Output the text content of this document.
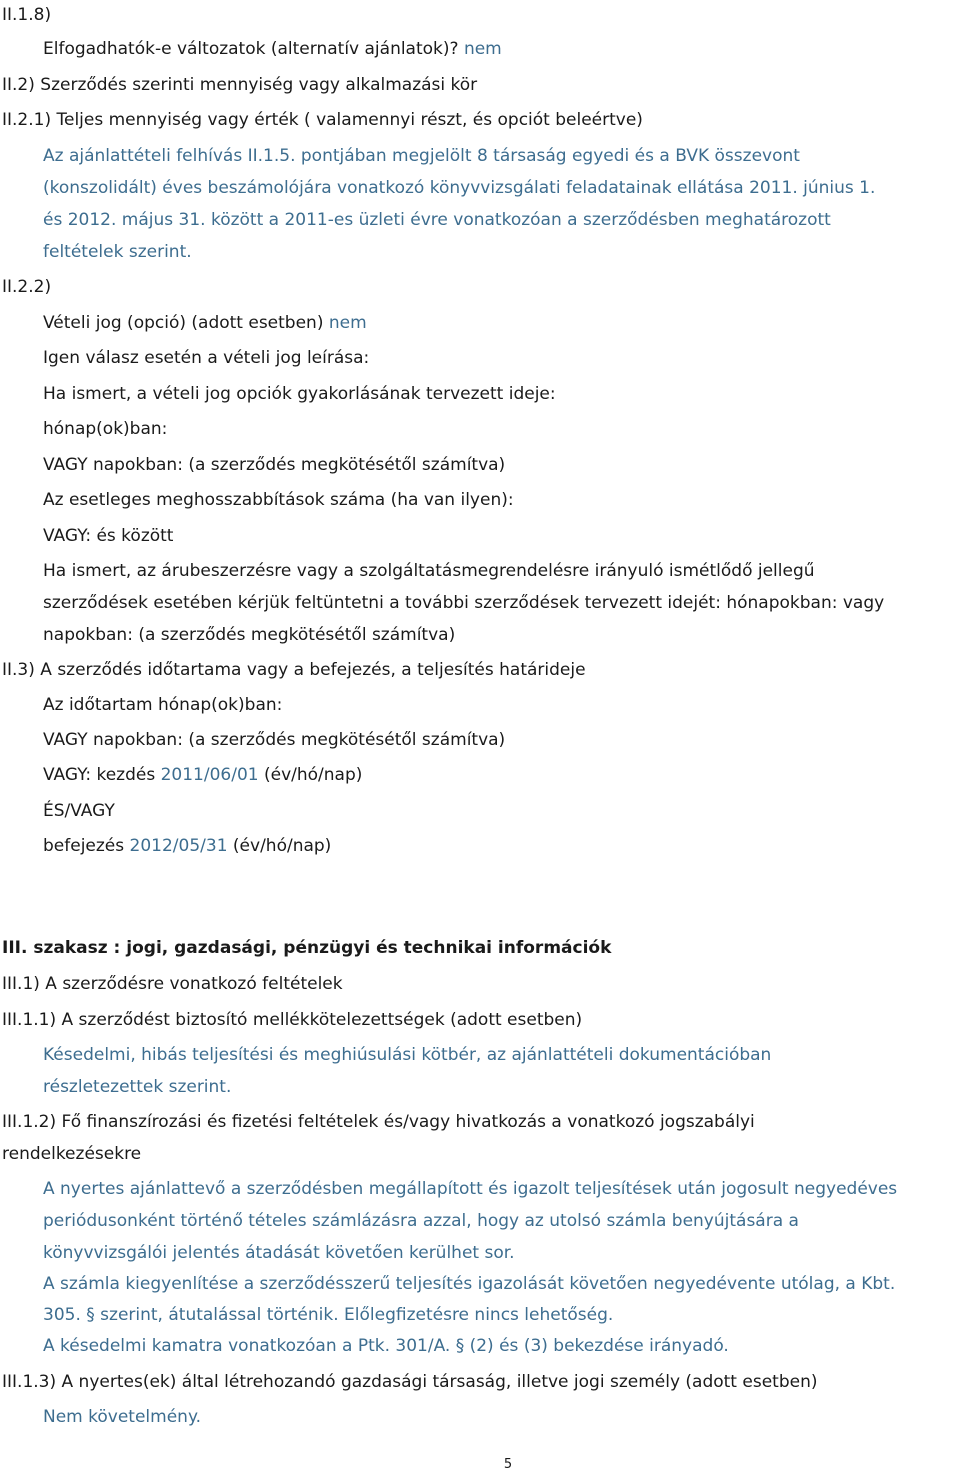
II.1.8)
Elfogadhatók-e változatok (alternatív ajánlatok)? nem
II.2) Szerződés szerinti mennyiség vagy alkalmazási kör
II.2.1) Teljes mennyiség vagy érték ( valamennyi részt, és opciót beleértve)
Az ajánlattételi felhívás II.1.5. pontjában megjelölt 8 társaság egyedi és a BVK összevont
(konszolidált) éves beszámolójára vonatkozó könyvvizsgálati feladatainak ellátása 2011. június 1.
és 2012. május 31. között a 2011-es üzleti évre vonatkozóan a szerződésben meghatározott
feltételek szerint.
II.2.2)
Vételi jog (opció) (adott esetben) nem
Igen válasz esetén a vételi jog leírása:
Ha ismert, a vételi jog opciók gyakorlásának tervezett ideje:
hónap(ok)ban:
VAGY napokban: (a szerződés megkötésétől számítva)
Az esetleges meghosszabbítások száma (ha van ilyen):
VAGY: és között
Ha ismert, az árubeszerzésre vagy a szolgáltatásmegrendelésre irányuló ismétlődő jellegű
szerződések esetében kérjük feltüntetni a további szerződések tervezett idejét: hónapokban: vagy
napokban: (a szerződés megkötésétől számítva)
II.3) A szerződés időtartama vagy a befejezés, a teljesítés határideje
Az időtartam hónap(ok)ban:
VAGY napokban: (a szerződés megkötésétől számítva)
VAGY: kezdés 2011/06/01 (év/hó/nap)
ÉS/VAGY
befejezés 2012/05/31 (év/hó/nap)
III. szakasz : jogi, gazdasági, pénzügyi és technikai információk
III.1) A szerződésre vonatkozó feltételek
III.1.1) A szerződést biztosító mellékkötelezettségek (adott esetben)
Késedelmi, hibás teljesítési és meghiúsulási kötbér, az ajánlattételi dokumentációban
részletezettek szerint.
III.1.2) Fő finanszírozási és fizetési feltételek és/vagy hivatkozás a vonatkozó jogszabályi
rendelkezésekre
A nyertes ajánlattevő a szerződésben megállapított és igazolt teljesítések után jogosult negyedéves
periódusonként történő tételes számlázásra azzal, hogy az utolsó számla benyújtására a
könyvvizsgálói jelentés átadását követően kerülhet sor.
A számla kiegyenlítése a szerződésszerű teljesítés igazolását követően negyedévente utólag, a Kbt.
305. § szerint, átutalással történik. Előlegfizetésre nincs lehetőség.
A késedelmi kamatra vonatkozóan a Ptk. 301/A. § (2) és (3) bekezdése irányadó.
III.1.3) A nyertes(ek) által létrehozandó gazdasági társaság, illetve jogi személy (adott esetben)
Nem követelmény.
5
